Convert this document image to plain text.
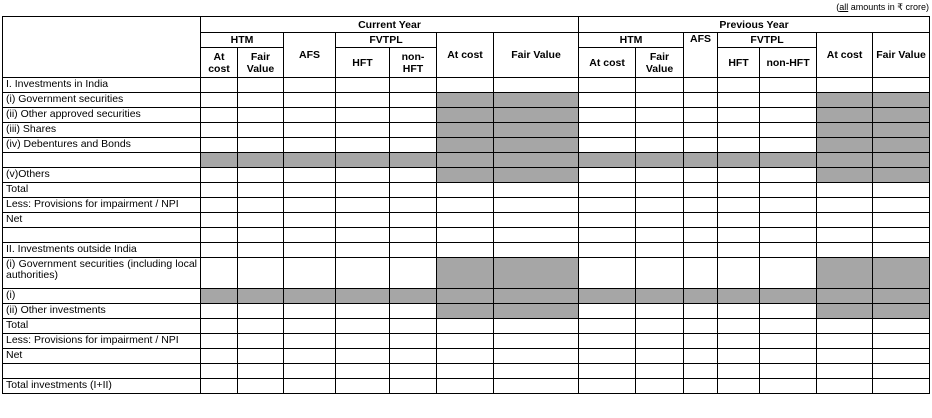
(all amounts in ₹ crore)
	Current Year							Previous Year						
	HTM		AFS	FVTPL		At cost	Fair Value	HTM		AFS	FVTPL		At cost	Fair Value
	At cost	Fair Value		HFT	non-HFT			At cost	Fair Value		HFT	non-HFT		

I. Investments in India														
(i) Government securities														
(ii) Other approved securities														
(iii) Shares														
(iv) Debentures and Bonds														

(v)Others														
Total														
Less: Provisions for impairment / NPI														
Net														

II. Investments outside India														
(i) Government securities (including local authorities)														
(i)														
(ii) Other investments														
Total														
Less: Provisions for impairment / NPI														
Net														

Total investments (I+II)														
